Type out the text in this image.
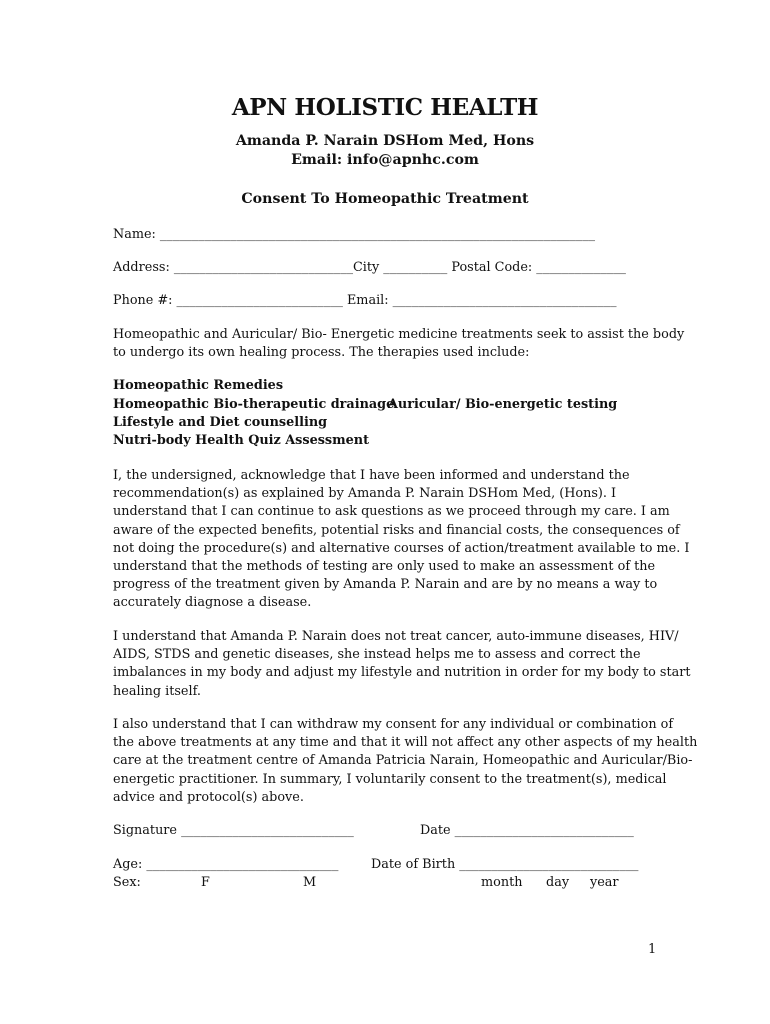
APN HOLISTIC HEALTH
Amanda P. Narain DSHom Med, Hons
Email: info@apnhc.com
Consent To Homeopathic Treatment
Name: ____________________________________________________________________
Address: ____________________________City __________ Postal Code: ______________
Phone #: __________________________ Email: ___________________________________
Homeopathic and Auricular/ Bio- Energetic medicine treatments seek to assist the body
to undergo its own healing process. The therapies used include:
Homeopathic Remedies
Homeopathic Bio-therapeutic drainage
Auricular/ Bio-energetic testing
Lifestyle and Diet counselling
Nutri-body Health Quiz Assessment
I, the undersigned, acknowledge that I have been informed and understand the
recommendation(s) as explained by Amanda P. Narain DSHom Med, (Hons). I
understand that I can continue to ask questions as we proceed through my care. I am
aware of the expected benefits, potential risks and financial costs, the consequences of
not doing the procedure(s) and alternative courses of action/treatment available to me. I
understand that the methods of testing are only used to make an assessment of the
progress of the treatment given by Amanda P. Narain and are by no means a way to
accurately diagnose a disease.
I understand that Amanda P. Narain does not treat cancer, auto-immune diseases, HIV/
AIDS, STDS and genetic diseases, she instead helps me to assess and correct the
imbalances in my body and adjust my lifestyle and nutrition in order for my body to start
healing itself.
I also understand that I can withdraw my consent for any individual or combination of
the above treatments at any time and that it will not affect any other aspects of my health
care at the treatment centre of Amanda Patricia Narain, Homeopathic and Auricular/Bio-
energetic practitioner. In summary, I voluntarily consent to the treatment(s), medical
advice and protocol(s) above.
Signature ___________________________	Date ____________________________
Age: ______________________________	Date of Birth ____________________________
Sex:	F	M	month day year
1
